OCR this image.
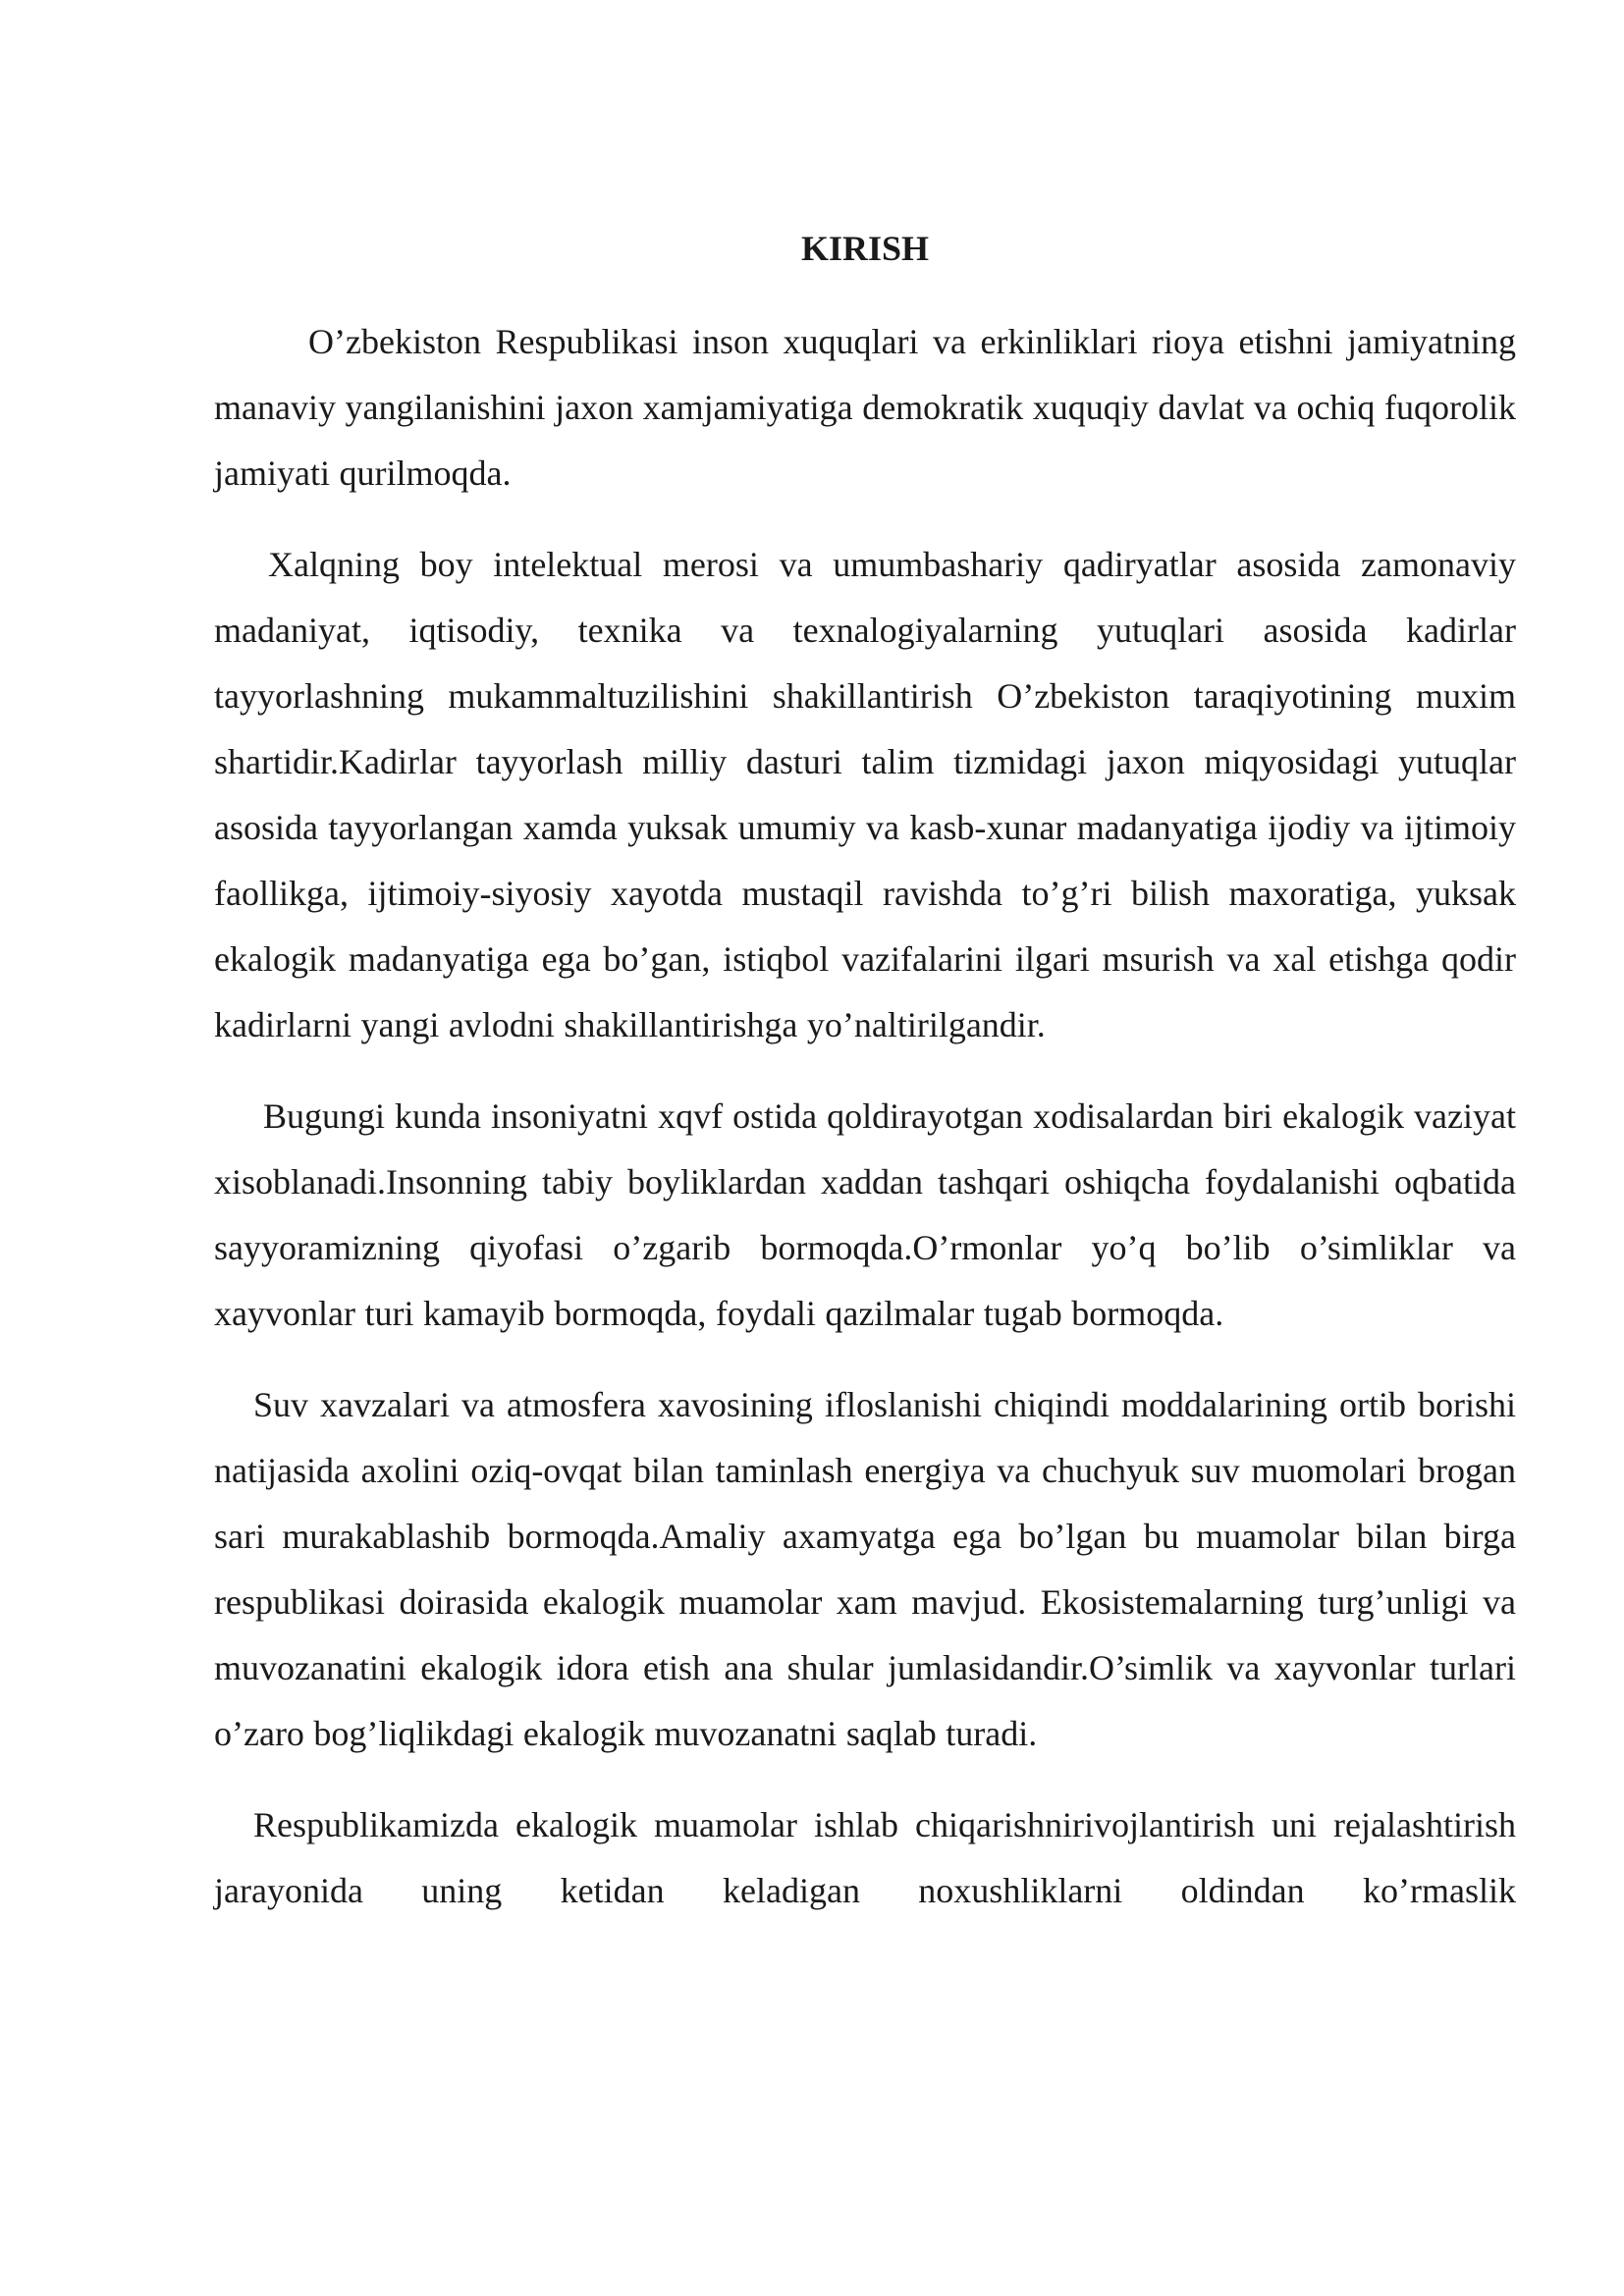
KIRISH

O’zbekiston Respublikasi inson xuquqlari va erkinliklari rioya etishni jamiyatning manaviy yangilanishini jaxon xamjamiyatiga demokratik xuquqiy davlat va ochiq fuqorolik jamiyati qurilmoqda.

Xalqning boy intelektual merosi va umumbashariy qadiryatlar asosida zamonaviy madaniyat, iqtisodiy, texnika va texnalogiyalarning yutuqlari asosida kadirlar tayyorlashning mukammaltuzilishini shakillantirish O’zbekiston taraqiyotining muxim shartidir.Kadirlar tayyorlash milliy dasturi talim tizmidagi jaxon miqyosidagi yutuqlar asosida tayyorlangan xamda yuksak umumiy va kasb-xunar madanyatiga ijodiy va ijtimoiy faollikga, ijtimoiy-siyosiy xayotda mustaqil ravishda to’g’ri bilish maxoratiga, yuksak ekalogik madanyatiga ega bo’gan, istiqbol vazifalarini ilgari msurish va xal etishga qodir kadirlarni yangi avlodni shakillantirishga yo’naltirilgandir.

Bugungi kunda insoniyatni xqvf ostida qoldirayotgan xodisalardan biri ekalogik vaziyat xisoblanadi.Insonning tabiy boyliklardan xaddan tashqari oshiqcha foydalanishi oqbatida sayyoramizning qiyofasi o’zgarib bormoqda.O’rmonlar yo’q bo’lib o’simliklar va xayvonlar turi kamayib bormoqda, foydali qazilmalar tugab bormoqda.

Suv xavzalari va atmosfera xavosining ifloslanishi chiqindi moddalarining ortib borishi natijasida axolini oziq-ovqat bilan taminlash energiya va chuchyuk suv muomolari brogan sari murakablashib bormoqda.Amaliy axamyatga ega bo’lgan bu muamolar bilan birga respublikasi doirasida ekalogik muamolar xam mavjud. Ekosistemalarning turg’unligi va muvozanatini ekalogik idora etish ana shular jumlasidandir.O’simlik va xayvonlar turlari o’zaro bog’liqlikdagi ekalogik muvozanatni saqlab turadi.

Respublikamizda ekalogik muamolar ishlab chiqarishnirivojlantirish uni rejalashtirish jarayonida uning ketidan keladigan noxushliklarni oldindan ko’rmaslik
